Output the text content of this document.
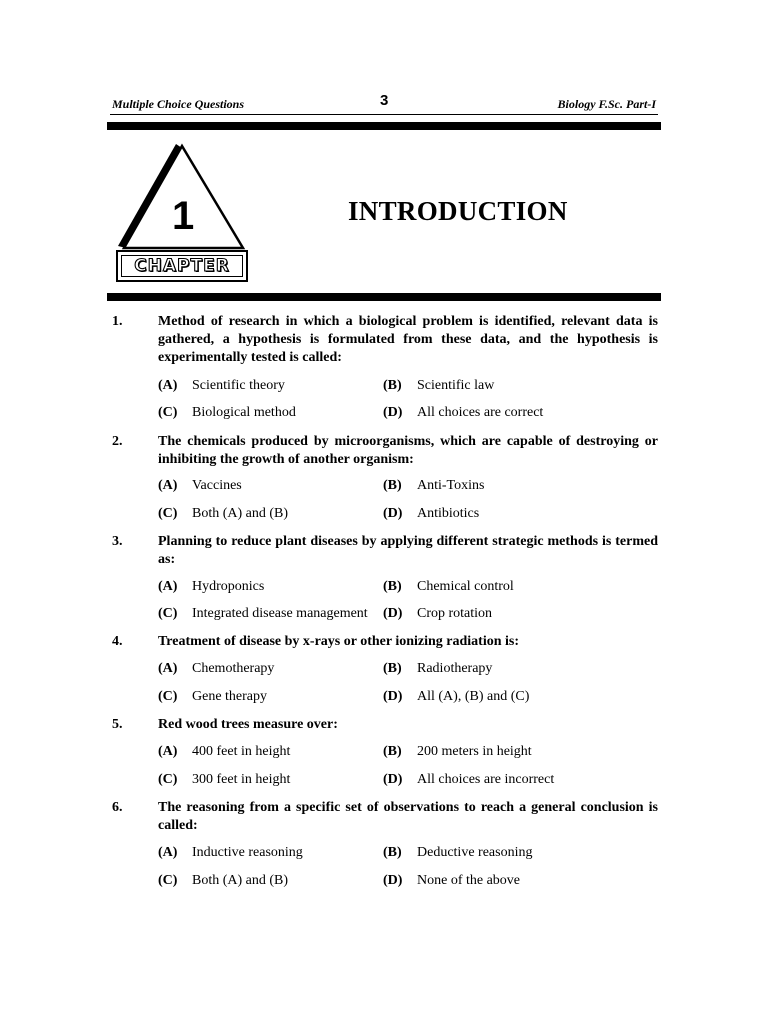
Multiple Choice Questions	3	Biology F.Sc. Part-I
1
CHAPTER
INTRODUCTION
1.	Method of research in which a biological problem is identified, relevant data is gathered, a hypothesis is formulated from these data, and the hypothesis is experimentally tested is called:
(A) Scientific theory	(B) Scientific law
(C) Biological method	(D) All choices are correct
2.	The chemicals produced by microorganisms, which are capable of destroying or inhibiting the growth of another organism:
(A) Vaccines	(B) Anti-Toxins
(C) Both (A) and (B)	(D) Antibiotics
3.	Planning to reduce plant diseases by applying different strategic methods is termed as:
(A) Hydroponics	(B) Chemical control
(C) Integrated disease management (D) Crop rotation
4.	Treatment of disease by x-rays or other ionizing radiation is:
(A) Chemotherapy	(B) Radiotherapy
(C) Gene therapy	(D) All (A), (B) and (C)
5.	Red wood trees measure over:
(A) 400 feet in height	(B) 200 meters in height
(C) 300 feet in height	(D) All choices are incorrect
6.	The reasoning from a specific set of observations to reach a general conclusion is called:
(A) Inductive reasoning	(B) Deductive reasoning
(C) Both (A) and (B)	(D) None of the above
